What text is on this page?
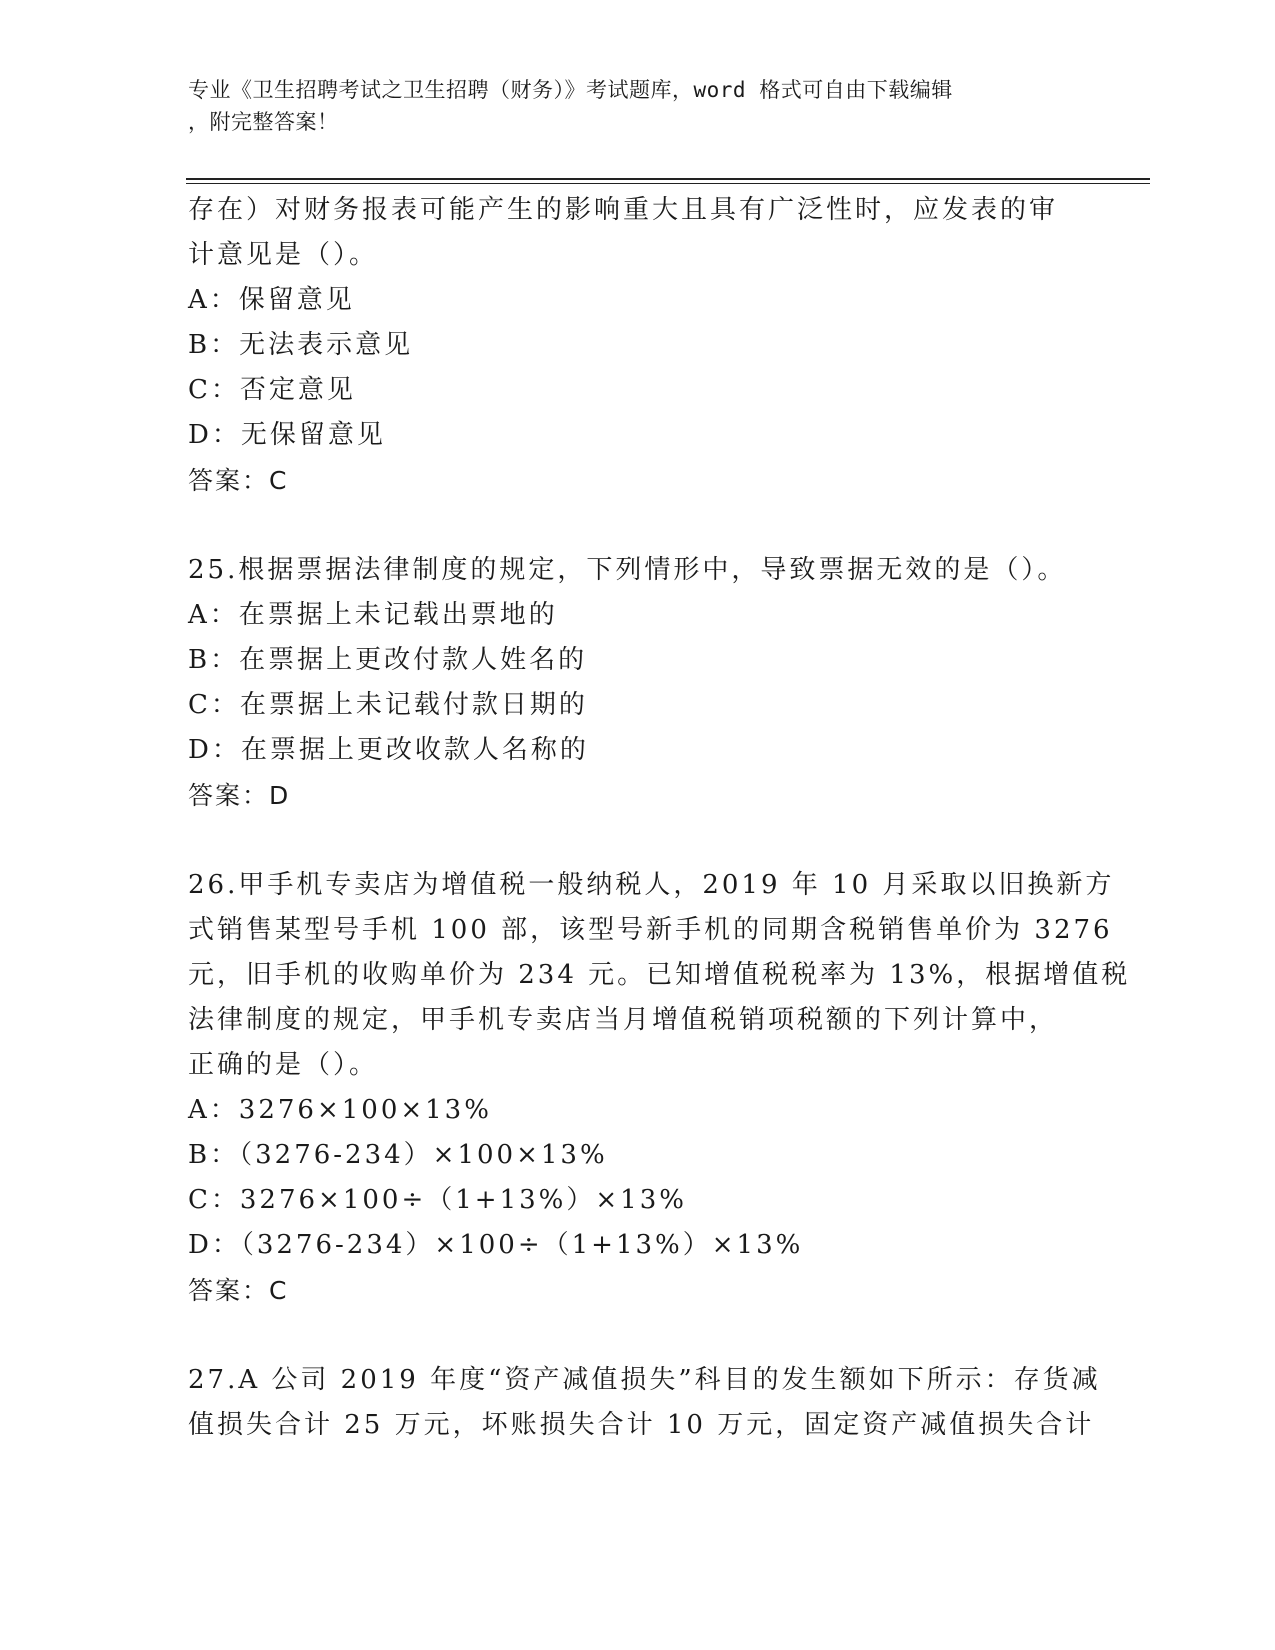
专业《卫生招聘考试之卫生招聘（财务）》考试题库，word 格式可自由下载编辑
，附完整答案！
存在）对财务报表可能产生的影响重大且具有广泛性时，应发表的审
计意见是（）。
A：保留意见
B：无法表示意见
C：否定意见
D：无保留意见
答案：C
25.根据票据法律制度的规定，下列情形中，导致票据无效的是（）。
A：在票据上未记载出票地的
B：在票据上更改付款人姓名的
C：在票据上未记载付款日期的
D：在票据上更改收款人名称的
答案：D
26.甲手机专卖店为增值税一般纳税人，2019 年 10 月采取以旧换新方
式销售某型号手机 100 部，该型号新手机的同期含税销售单价为 3276
元，旧手机的收购单价为 234 元。已知增值税税率为 13%，根据增值税
法律制度的规定，甲手机专卖店当月增值税销项税额的下列计算中，
正确的是（）。
A：3276×100×13%
B：（3276-234）×100×13%
C：3276×100÷（1+13%）×13%
D：（3276-234）×100÷（1+13%）×13%
答案：C
27.A 公司 2019 年度“资产减值损失”科目的发生额如下所示：存货减
值损失合计 25 万元，坏账损失合计 10 万元，固定资产减值损失合计
